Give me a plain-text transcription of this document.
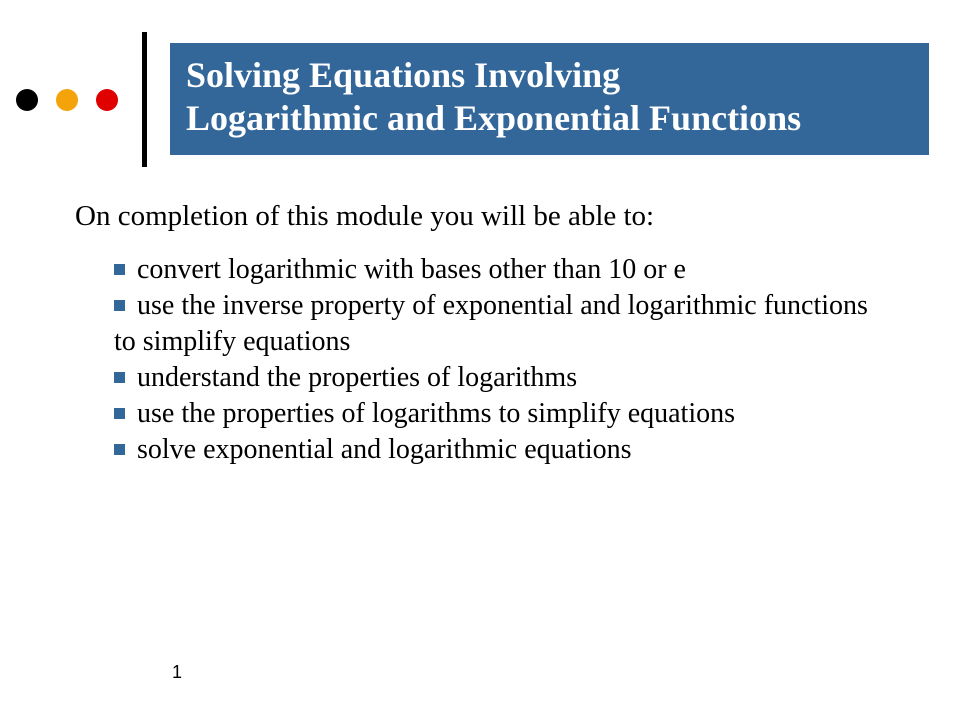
Solving Equations Involving
Logarithmic and Exponential Functions
On completion of this module you will be able to:
convert logarithmic with bases other than 10 or e
use the inverse property of exponential and logarithmic functions to simplify equations
understand the properties of logarithms
use the properties of logarithms to simplify equations
solve exponential and logarithmic equations
1
